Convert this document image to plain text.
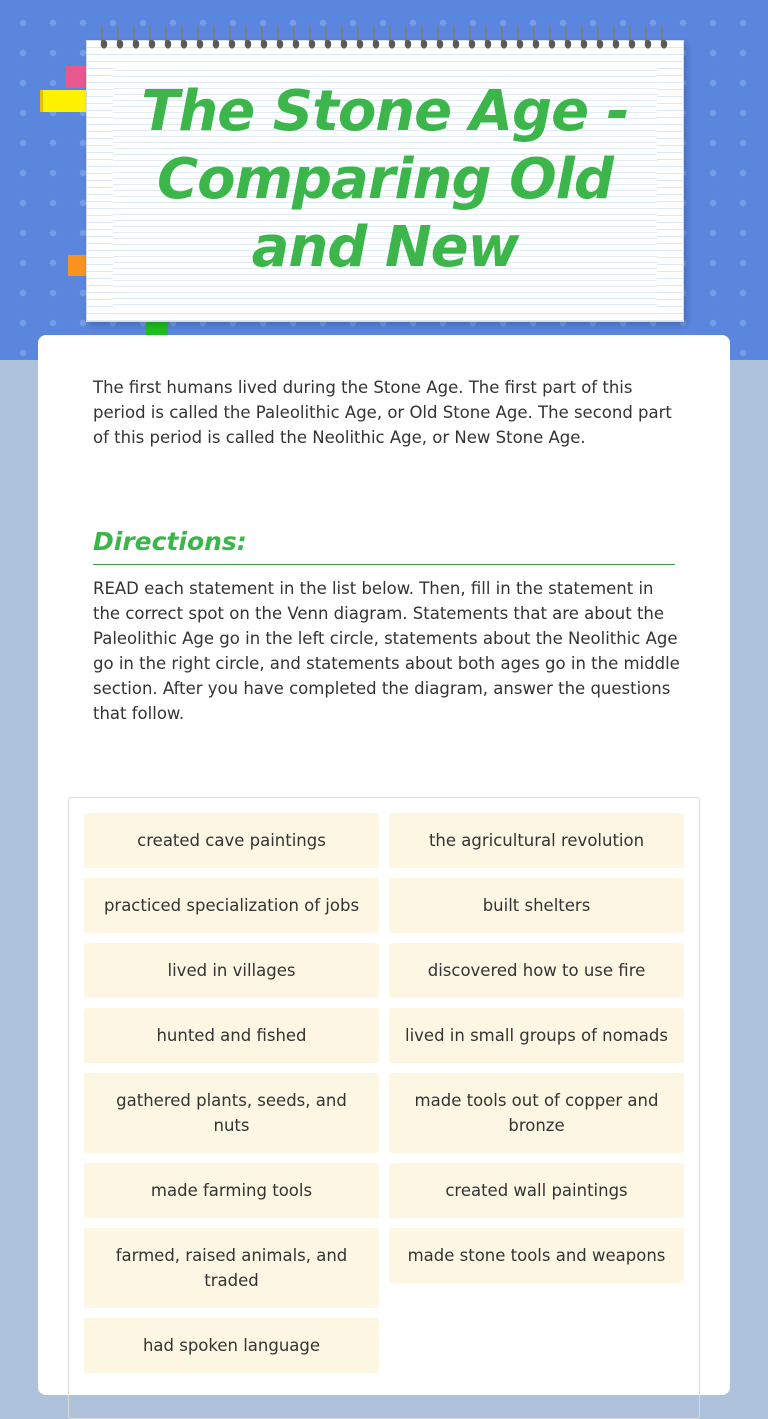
The Stone Age - Comparing Old and New

The first humans lived during the Stone Age. The first part of this period is called the Paleolithic Age, or Old Stone Age. The second part of this period is called the Neolithic Age, or New Stone Age.

Directions:

READ each statement in the list below. Then, fill in the statement in the correct spot on the Venn diagram. Statements that are about the Paleolithic Age go in the left circle, statements about the Neolithic Age go in the right circle, and statements about both ages go in the middle section. After you have completed the diagram, answer the questions that follow.

created cave paintings
practiced specialization of jobs
lived in villages
hunted and fished
gathered plants, seeds, and nuts
made farming tools
farmed, raised animals, and traded
had spoken language
the agricultural revolution
built shelters
discovered how to use fire
lived in small groups of nomads
made tools out of copper and bronze
created wall paintings
made stone tools and weapons
